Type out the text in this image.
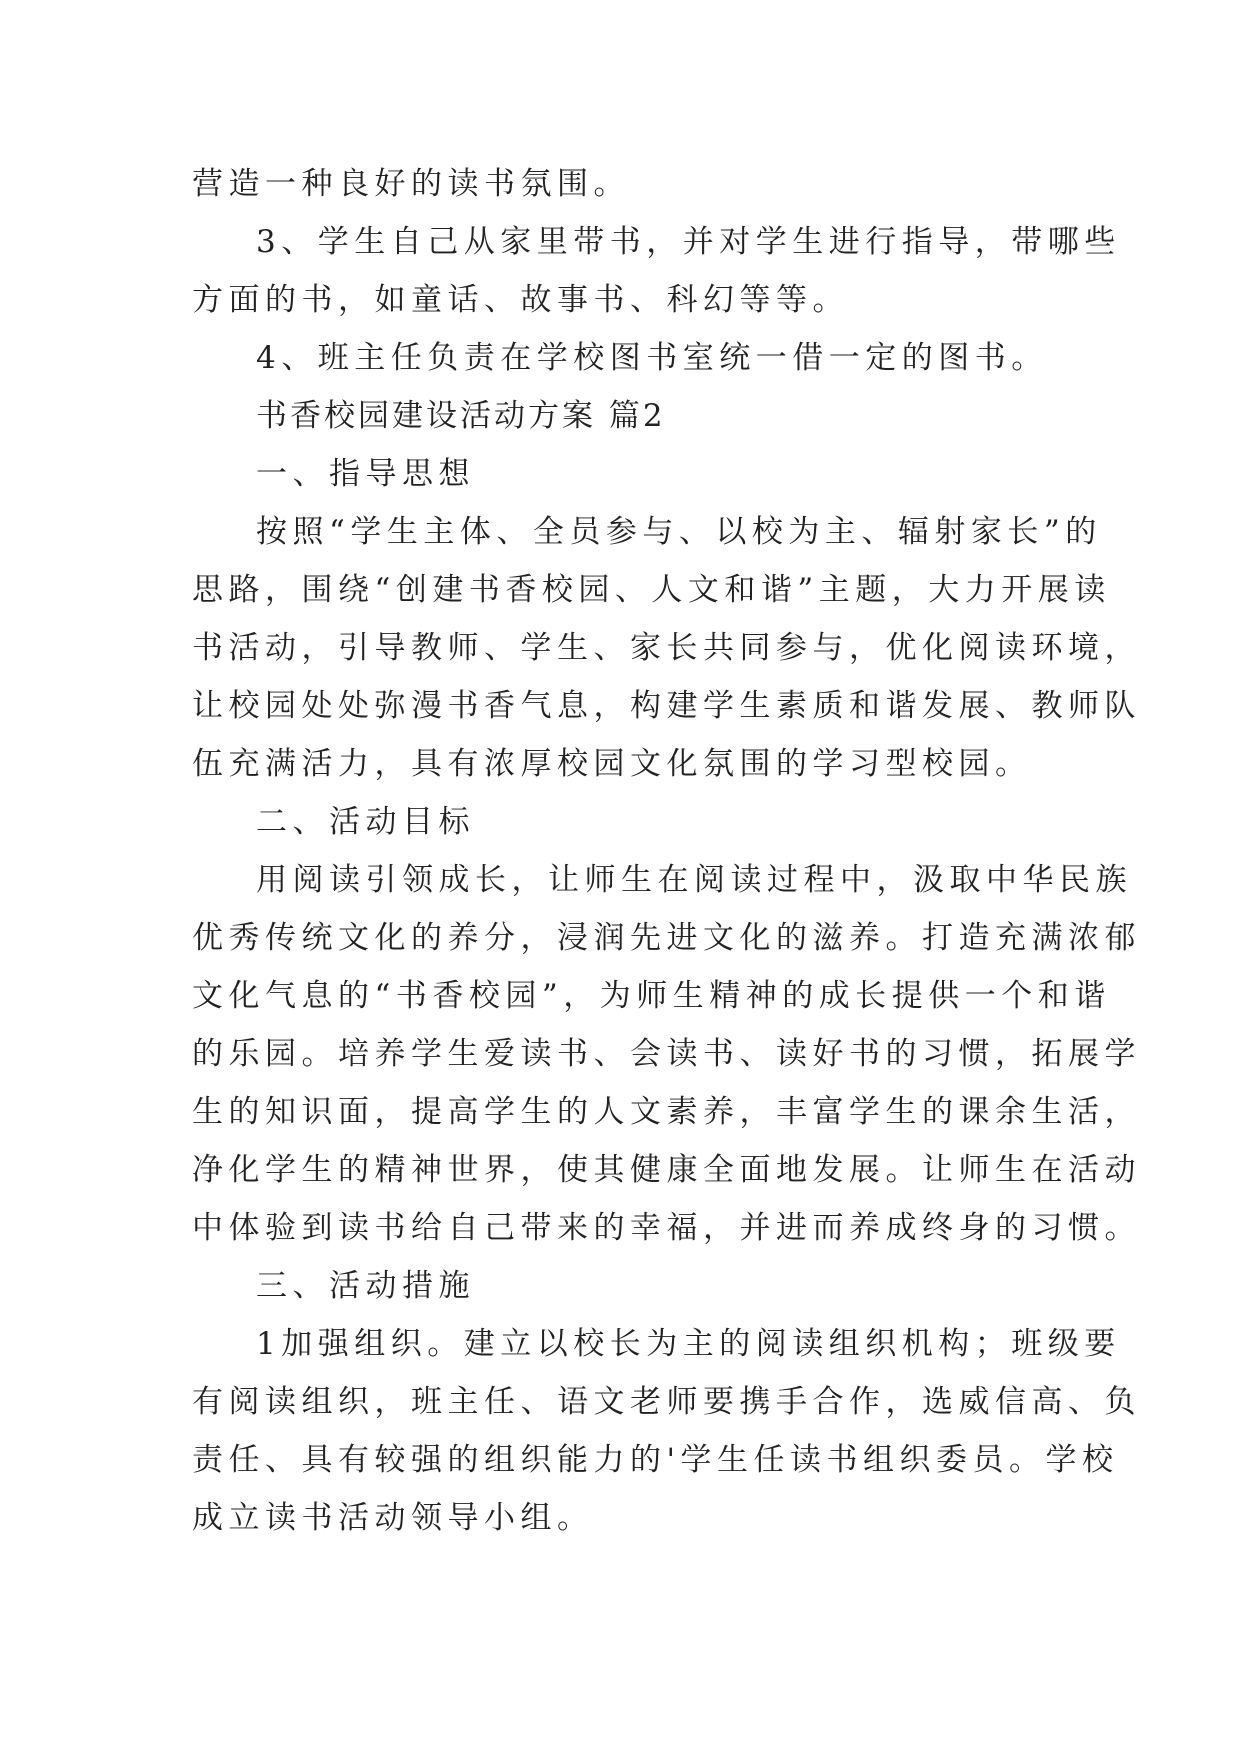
营造一种良好的读书氛围。

3、学生自己从家里带书，并对学生进行指导，带哪些

方面的书，如童话、故事书、科幻等等。

4、班主任负责在学校图书室统一借一定的图书。

书香校园建设活动方案 篇2

一、指导思想

按照“学生主体、全员参与、以校为主、辐射家长”的

思路，围绕“创建书香校园、人文和谐”主题，大力开展读

书活动，引导教师、学生、家长共同参与，优化阅读环境，

让校园处处弥漫书香气息，构建学生素质和谐发展、教师队

伍充满活力，具有浓厚校园文化氛围的学习型校园。

二、活动目标

用阅读引领成长，让师生在阅读过程中，汲取中华民族

优秀传统文化的养分，浸润先进文化的滋养。打造充满浓郁

文化气息的“书香校园”，为师生精神的成长提供一个和谐

的乐园。培养学生爱读书、会读书、读好书的习惯，拓展学

生的知识面，提高学生的人文素养，丰富学生的课余生活，

净化学生的精神世界，使其健康全面地发展。让师生在活动

中体验到读书给自己带来的幸福，并进而养成终身的习惯。

三、活动措施

1加强组织。建立以校长为主的阅读组织机构；班级要

有阅读组织，班主任、语文老师要携手合作，选威信高、负

责任、具有较强的组织能力的'学生任读书组织委员。学校

成立读书活动领导小组。
